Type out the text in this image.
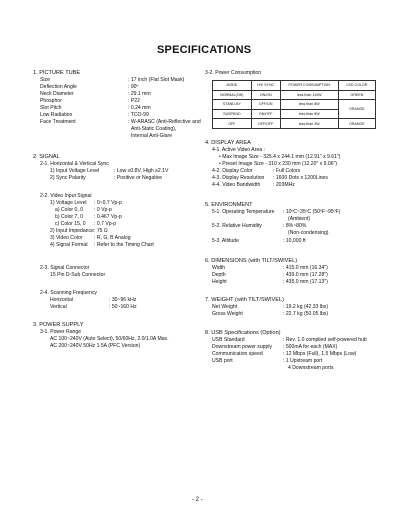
SPECIFICATIONS
1. PICTURE TUBE
Size	: 17 inch (Flat Slot Mask)
Deflection Angle	: 90º
Neck Diameter	: 29.1 mm
Phosphor	: P22
Slot Pitch	: 0.24 mm
Low Radiation	: TCO-99
Face Treatment	: W-ARASC (Anti-Reflective and
Anti-Static Coating),
Internal Anti-Glare
2. SIGNAL
2-1. Horizontal & Vertical Sync
1) Input Voltage Level	: Low ≤0.8V, High ≥2.1V
2) Sync Polarity	: Positive or Negative
2-2. Video Input Signal
1) Voltage Level : 0~0.7 Vp-p
a) Color 0, 0 : 0 Vp-p
b) Color 7, 0 : 0.467 Vp-p
c) Color 15, 0 : 0.7 Vp-p
2) Input Impedance : 75 Ω
3) Video Color : R, G, B Analog
4) Signal Format : Refer to the Timing Chart
2-3. Signal Connector
15 Pin D-Sub Connector
2-4. Scanning Frequency
Horizontal	: 30~96 kHz
Vertical	: 50~160 Hz
3. POWER SUPPLY
3-1. Power Range
AC 100~240V (Auto Select), 50/60Hz, 2.0/1.0A Max.
AC 200~240V 50Hz 1.5A (PFC Version)
3-2. Power Consumption
MODE	H/V SYNC	POWER CONSUMPTION	LED COLOR
NORMAL(ON)	ON/ON	less than 110W	GREEN
STAND-BY	OFF/ON	less than 8W	ORANGE
SUSPEND	ON/OFF	less than 8W	
OFF	OFF/OFF	less than 3W	ORANGE
4. DISPLAY AREA
4-1. Active Video Area :
• Max Image Size - 325.4 x 244.1 mm (12.91" x 9.61")
• Preset Image Size - 310 x 230 mm (12.20" x 9.06")
4-2. Display Color	: Full Colors
4-3. Display Resolution : 1600 Dots x 1200Lines
4-4. Video Bandwidth : 203MHz
5. ENVIRONMENT
5-1. Operating Temperature : 10ºC~35ºC (50ºF~95ºF)
(Ambient)
5-2. Relative Humidity	: 8%~80%
(Non-condensing)
5-3. Altitude	: 10,000 ft
6. DIMENSIONS (with TILT/SWIVEL)
Width	: 415.0 mm (16.34")
Depth	: 439.0 mm (17.28")
Height	: 435.0 mm (17.13")
7. WEIGHT (with TILT/SWIVEL)
Net Weight	: 19.2 kg (42.33 lbs)
Gross Weight	: 22.7 kg (50.05 lbs)
8. USB Specifications (Option)
USB Standard	: Rev. 1.0 complied self-powered hub
Downstream power supply : 500mA for each (MAX)
Communication speed	: 12 Mbps (Full), 1.5 Mbps (Low)
USB port	: 1 Upstream port
4 Downstream ports
- 2 -
